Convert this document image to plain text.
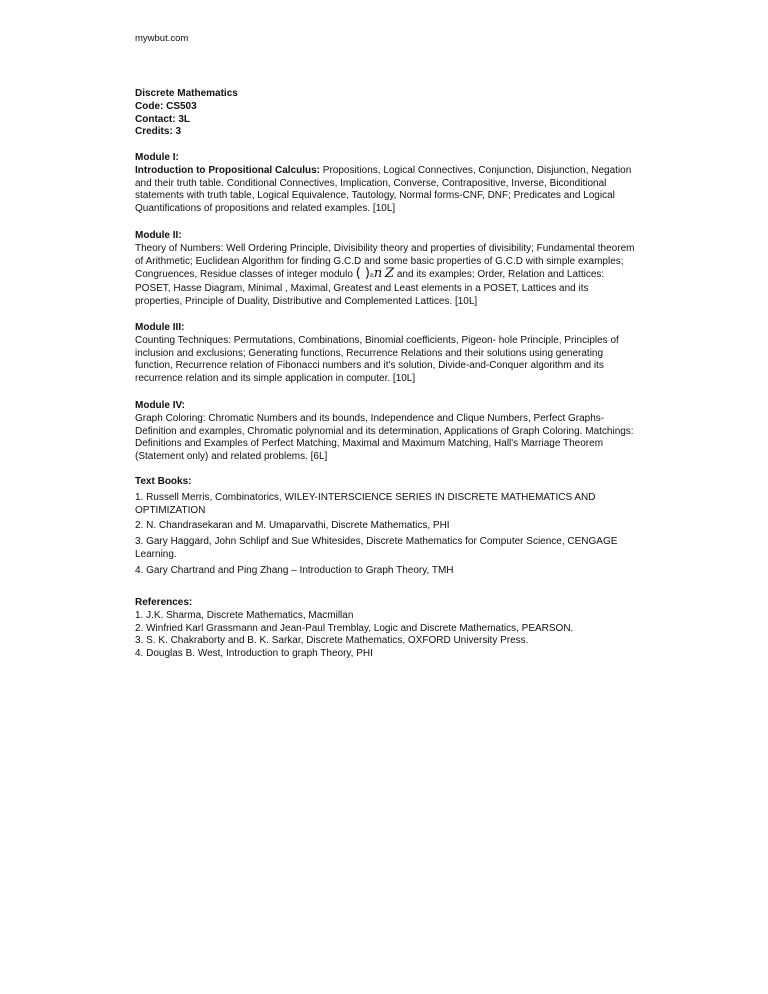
mywbut.com
Discrete Mathematics
Code: CS503
Contact: 3L
Credits: 3
Module I:
Introduction to Propositional Calculus: Propositions, Logical Connectives, Conjunction, Disjunction, Negation and their truth table. Conditional Connectives, Implication, Converse, Contrapositive, Inverse, Biconditional statements with truth table, Logical Equivalence, Tautology, Normal forms-CNF, DNF; Predicates and Logical Quantifications of propositions and related examples. [10L]
Module II:
Theory of Numbers: Well Ordering Principle, Divisibility theory and properties of divisibility; Fundamental theorem of Arithmetic; Euclidean Algorithm for finding G.C.D and some basic properties of G.C.D with simple examples; Congruences, Residue classes of integer modulo ( )nn Z and its examples; Order, Relation and Lattices: POSET, Hasse Diagram, Minimal , Maximal, Greatest and Least elements in a POSET, Lattices and its properties, Principle of Duality, Distributive and Complemented Lattices. [10L]
Module III:
Counting Techniques: Permutations, Combinations, Binomial coefficients, Pigeon- hole Principle, Principles of inclusion and exclusions; Generating functions, Recurrence Relations and their solutions using generating function, Recurrence relation of Fibonacci numbers and it's solution, Divide-and-Conquer algorithm and its recurrence relation and its simple application in computer. [10L]
Module IV:
Graph Coloring: Chromatic Numbers and its bounds, Independence and Clique Numbers, Perfect Graphs-Definition and examples, Chromatic polynomial and its determination, Applications of Graph Coloring. Matchings: Definitions and Examples of Perfect Matching, Maximal and Maximum Matching, Hall's Marriage Theorem (Statement only) and related problems. [6L]
Text Books:
1. Russell Merris, Combinatorics, WILEY-INTERSCIENCE SERIES IN DISCRETE MATHEMATICS AND OPTIMIZATION
2. N. Chandrasekaran and M. Umaparvathi, Discrete Mathematics, PHI
3. Gary Haggard, John Schlipf and Sue Whitesides, Discrete Mathematics for Computer Science, CENGAGE Learning.
4. Gary Chartrand and Ping Zhang – Introduction to Graph Theory, TMH
References:
1. J.K. Sharma, Discrete Mathematics, Macmillan
2. Winfried Karl Grassmann and Jean-Paul Tremblay, Logic and Discrete Mathematics, PEARSON.
3. S. K. Chakraborty and B. K. Sarkar, Discrete Mathematics, OXFORD University Press.
4. Douglas B. West, Introduction to graph Theory, PHI
